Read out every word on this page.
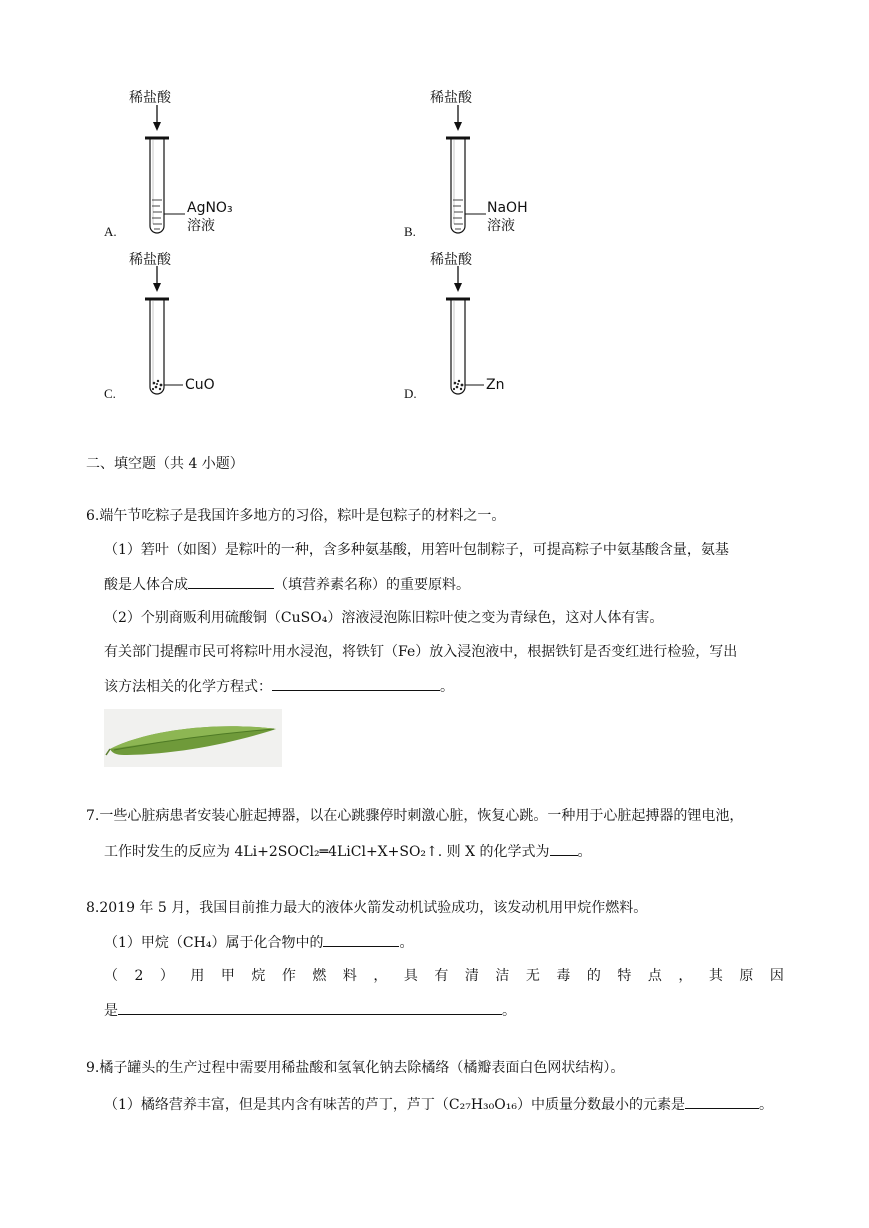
稀盐酸
AgNO₃
溶液
A.
稀盐酸
NaOH
溶液
B.
稀盐酸
CuO
C.
稀盐酸
Zn
D.
二、填空题（共 4 小题）
6.端午节吃粽子是我国许多地方的习俗，粽叶是包粽子的材料之一。
（1）箬叶（如图）是粽叶的一种，含多种氨基酸，用箬叶包制粽子，可提高粽子中氨基酸含量，氨基
酸是人体合成	（填营养素名称）的重要原料。
（2）个别商贩利用硫酸铜（CuSO₄）溶液浸泡陈旧粽叶使之变为青绿色，这对人体有害。
有关部门提醒市民可将粽叶用水浸泡，将铁钉（Fe）放入浸泡液中，根据铁钉是否变红进行检验，写出
该方法相关的化学方程式：	。
7.一些心脏病患者安装心脏起搏器，以在心跳骤停时刺激心脏，恢复心跳。一种用于心脏起搏器的锂电池，
工作时发生的反应为 4Li+2SOCl₂═4LiCl+X+SO₂↑. 则 X 的化学式为 。
8.2019 年 5 月，我国目前推力最大的液体火箭发动机试验成功，该发动机用甲烷作燃料。
（1）甲烷（CH₄）属于化合物中的	。
（ 2 ） 用 甲 烷 作 燃 料 ， 具 有 清 洁 无 毒 的 特 点 ， 其 原 因
是	。
9.橘子罐头的生产过程中需要用稀盐酸和氢氧化钠去除橘络（橘瓣表面白色网状结构）。
（1）橘络营养丰富，但是其内含有味苦的芦丁，芦丁（C₂₇H₃₀O₁₆）中质量分数最小的元素是	。
